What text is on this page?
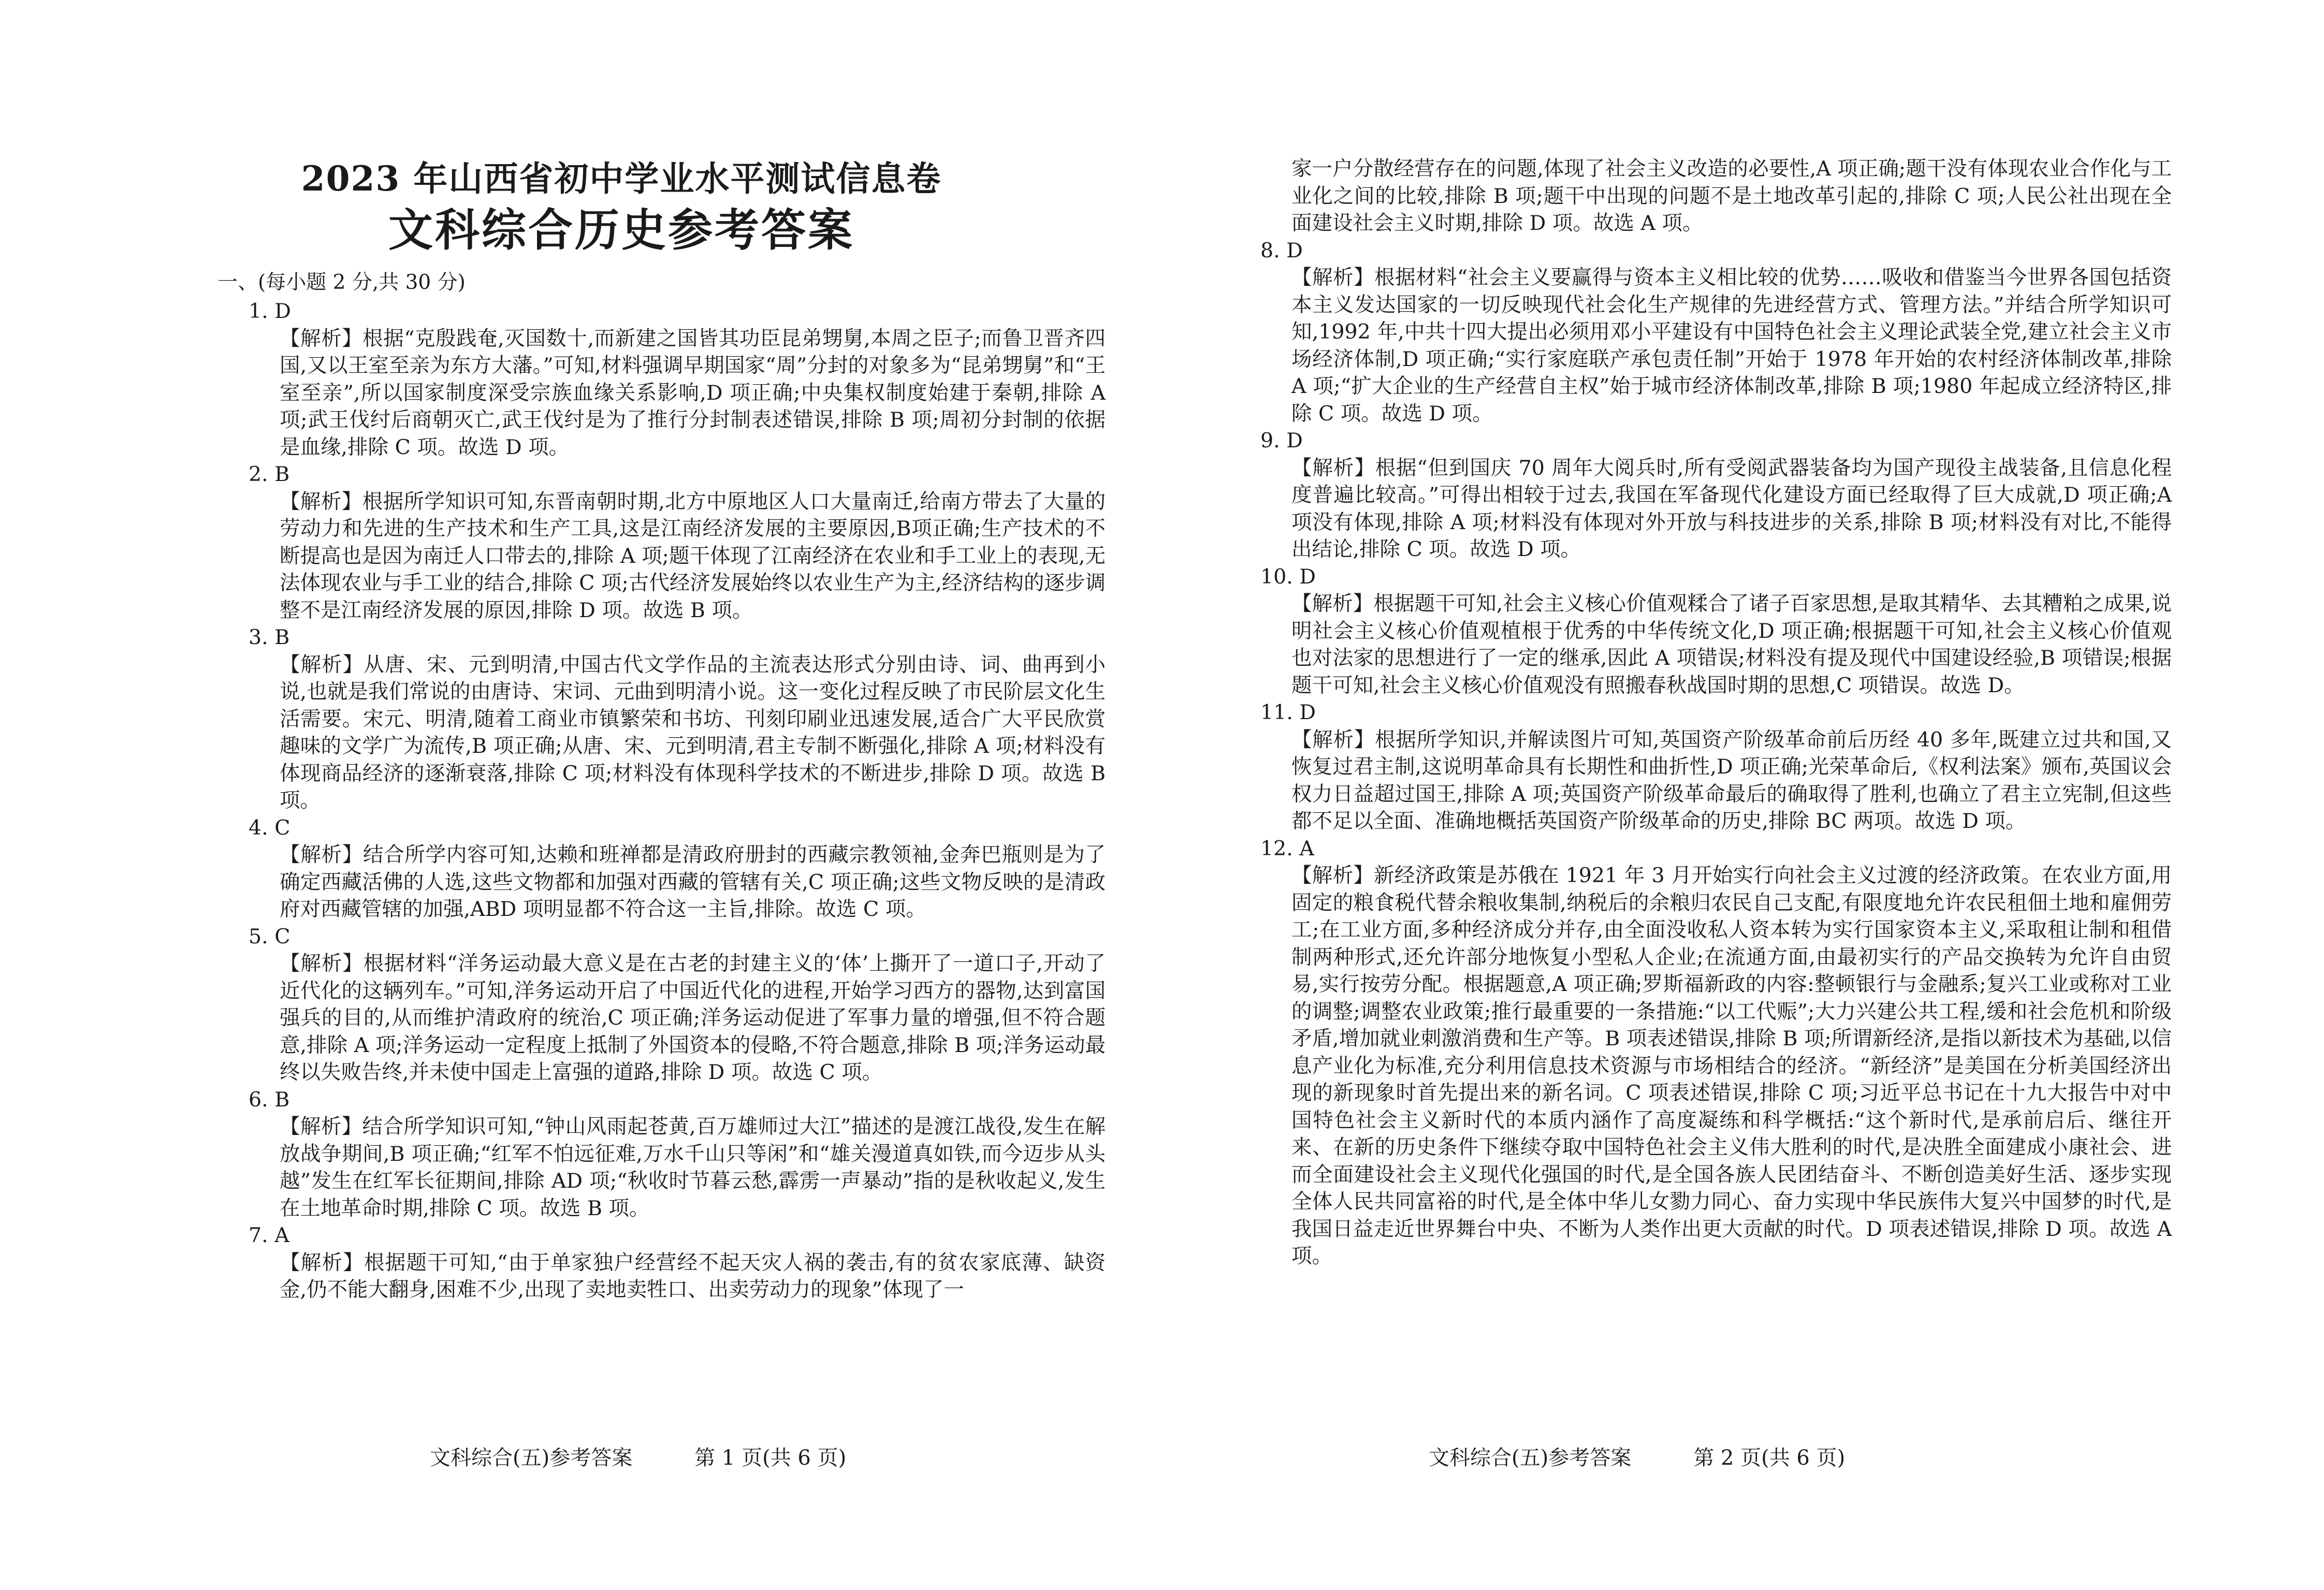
2023 年山西省初中学业水平测试信息卷
文科综合历史参考答案
一、(每小题 2 分,共 30 分)

1. D
【解析】根据“克殷践奄,灭国数十,而新建之国皆其功臣昆弟甥舅,本周之臣子;而鲁卫晋齐四国,又以王室至亲为东方大藩。”可知,材料强调早期国家“周”分封的对象多为“昆弟甥舅”和“王室至亲”,所以国家制度深受宗族血缘关系影响,D 项正确;中央集权制度始建于秦朝,排除 A 项;武王伐纣后商朝灭亡,武王伐纣是为了推行分封制表述错误,排除 B 项;周初分封制的依据是血缘,排除 C 项。故选 D 项。

2. B
【解析】根据所学知识可知,东晋南朝时期,北方中原地区人口大量南迁,给南方带去了大量的劳动力和先进的生产技术和生产工具,这是江南经济发展的主要原因,B项正确;生产技术的不断提高也是因为南迁人口带去的,排除 A 项;题干体现了江南经济在农业和手工业上的表现,无法体现农业与手工业的结合,排除 C 项;古代经济发展始终以农业生产为主,经济结构的逐步调整不是江南经济发展的原因,排除 D 项。故选 B 项。

3. B
【解析】从唐、宋、元到明清,中国古代文学作品的主流表达形式分别由诗、词、曲再到小说,也就是我们常说的由唐诗、宋词、元曲到明清小说。这一变化过程反映了市民阶层文化生活需要。宋元、明清,随着工商业市镇繁荣和书坊、刊刻印刷业迅速发展,适合广大平民欣赏趣味的文学广为流传,B 项正确;从唐、宋、元到明清,君主专制不断强化,排除 A 项;材料没有体现商品经济的逐渐衰落,排除 C 项;材料没有体现科学技术的不断进步,排除 D 项。故选 B 项。

4. C
【解析】结合所学内容可知,达赖和班禅都是清政府册封的西藏宗教领袖,金奔巴瓶则是为了确定西藏活佛的人选,这些文物都和加强对西藏的管辖有关,C 项正确;这些文物反映的是清政府对西藏管辖的加强,ABD 项明显都不符合这一主旨,排除。故选 C 项。

5. C
【解析】根据材料“洋务运动最大意义是在古老的封建主义的‘体’上撕开了一道口子,开动了近代化的这辆列车。”可知,洋务运动开启了中国近代化的进程,开始学习西方的器物,达到富国强兵的目的,从而维护清政府的统治,C 项正确;洋务运动促进了军事力量的增强,但不符合题意,排除 A 项;洋务运动一定程度上抵制了外国资本的侵略,不符合题意,排除 B 项;洋务运动最终以失败告终,并未使中国走上富强的道路,排除 D 项。故选 C 项。

6. B
【解析】结合所学知识可知,“钟山风雨起苍黄,百万雄师过大江”描述的是渡江战役,发生在解放战争期间,B 项正确;“红军不怕远征难,万水千山只等闲”和“雄关漫道真如铁,而今迈步从头越”发生在红军长征期间,排除 AD 项;“秋收时节暮云愁,霹雳一声暴动”指的是秋收起义,发生在土地革命时期,排除 C 项。故选 B 项。

7. A
【解析】根据题干可知,“由于单家独户经营经不起天灾人祸的袭击,有的贫农家底薄、缺资金,仍不能大翻身,困难不少,出现了卖地卖牲口、出卖劳动力的现象”体现了一

文科综合(五)参考答案	第 1 页(共 6 页)

家一户分散经营存在的问题,体现了社会主义改造的必要性,A 项正确;题干没有体现农业合作化与工业化之间的比较,排除 B 项;题干中出现的问题不是土地改革引起的,排除 C 项;人民公社出现在全面建设社会主义时期,排除 D 项。故选 A 项。

8. D
【解析】根据材料“社会主义要赢得与资本主义相比较的优势……吸收和借鉴当今世界各国包括资本主义发达国家的一切反映现代社会化生产规律的先进经营方式、管理方法。”并结合所学知识可知,1992 年,中共十四大提出必须用邓小平建设有中国特色社会主义理论武装全党,建立社会主义市场经济体制,D 项正确;“实行家庭联产承包责任制”开始于 1978 年开始的农村经济体制改革,排除 A 项;“扩大企业的生产经营自主权”始于城市经济体制改革,排除 B 项;1980 年起成立经济特区,排除 C 项。故选 D 项。

9. D
【解析】根据“但到国庆 70 周年大阅兵时,所有受阅武器装备均为国产现役主战装备,且信息化程度普遍比较高。”可得出相较于过去,我国在军备现代化建设方面已经取得了巨大成就,D 项正确;A 项没有体现,排除 A 项;材料没有体现对外开放与科技进步的关系,排除 B 项;材料没有对比,不能得出结论,排除 C 项。故选 D 项。

10. D
【解析】根据题干可知,社会主义核心价值观糅合了诸子百家思想,是取其精华、去其糟粕之成果,说明社会主义核心价值观植根于优秀的中华传统文化,D 项正确;根据题干可知,社会主义核心价值观也对法家的思想进行了一定的继承,因此 A 项错误;材料没有提及现代中国建设经验,B 项错误;根据题干可知,社会主义核心价值观没有照搬春秋战国时期的思想,C 项错误。故选 D。

11. D
【解析】根据所学知识,并解读图片可知,英国资产阶级革命前后历经 40 多年,既建立过共和国,又恢复过君主制,这说明革命具有长期性和曲折性,D 项正确;光荣革命后,《权利法案》颁布,英国议会权力日益超过国王,排除 A 项;英国资产阶级革命最后的确取得了胜利,也确立了君主立宪制,但这些都不足以全面、准确地概括英国资产阶级革命的历史,排除 BC 两项。故选 D 项。

12. A
【解析】新经济政策是苏俄在 1921 年 3 月开始实行向社会主义过渡的经济政策。在农业方面,用固定的粮食税代替余粮收集制,纳税后的余粮归农民自己支配,有限度地允许农民租佃土地和雇佣劳工;在工业方面,多种经济成分并存,由全面没收私人资本转为实行国家资本主义,采取租让制和租借制两种形式,还允许部分地恢复小型私人企业;在流通方面,由最初实行的产品交换转为允许自由贸易,实行按劳分配。根据题意,A 项正确;罗斯福新政的内容:整顿银行与金融系;复兴工业或称对工业的调整;调整农业政策;推行最重要的一条措施:“以工代赈”;大力兴建公共工程,缓和社会危机和阶级矛盾,增加就业刺激消费和生产等。B 项表述错误,排除 B 项;所谓新经济,是指以新技术为基础,以信息产业化为标准,充分利用信息技术资源与市场相结合的经济。“新经济”是美国在分析美国经济出现的新现象时首先提出来的新名词。C 项表述错误,排除 C 项;习近平总书记在十九大报告中对中国特色社会主义新时代的本质内涵作了高度凝练和科学概括:“这个新时代,是承前启后、继往开来、在新的历史条件下继续夺取中国特色社会主义伟大胜利的时代,是决胜全面建成小康社会、进而全面建设社会主义现代化强国的时代,是全国各族人民团结奋斗、不断创造美好生活、逐步实现全体人民共同富裕的时代,是全体中华儿女勠力同心、奋力实现中华民族伟大复兴中国梦的时代,是我国日益走近世界舞台中央、不断为人类作出更大贡献的时代。D 项表述错误,排除 D 项。故选 A 项。

文科综合(五)参考答案	第 2 页(共 6 页)
